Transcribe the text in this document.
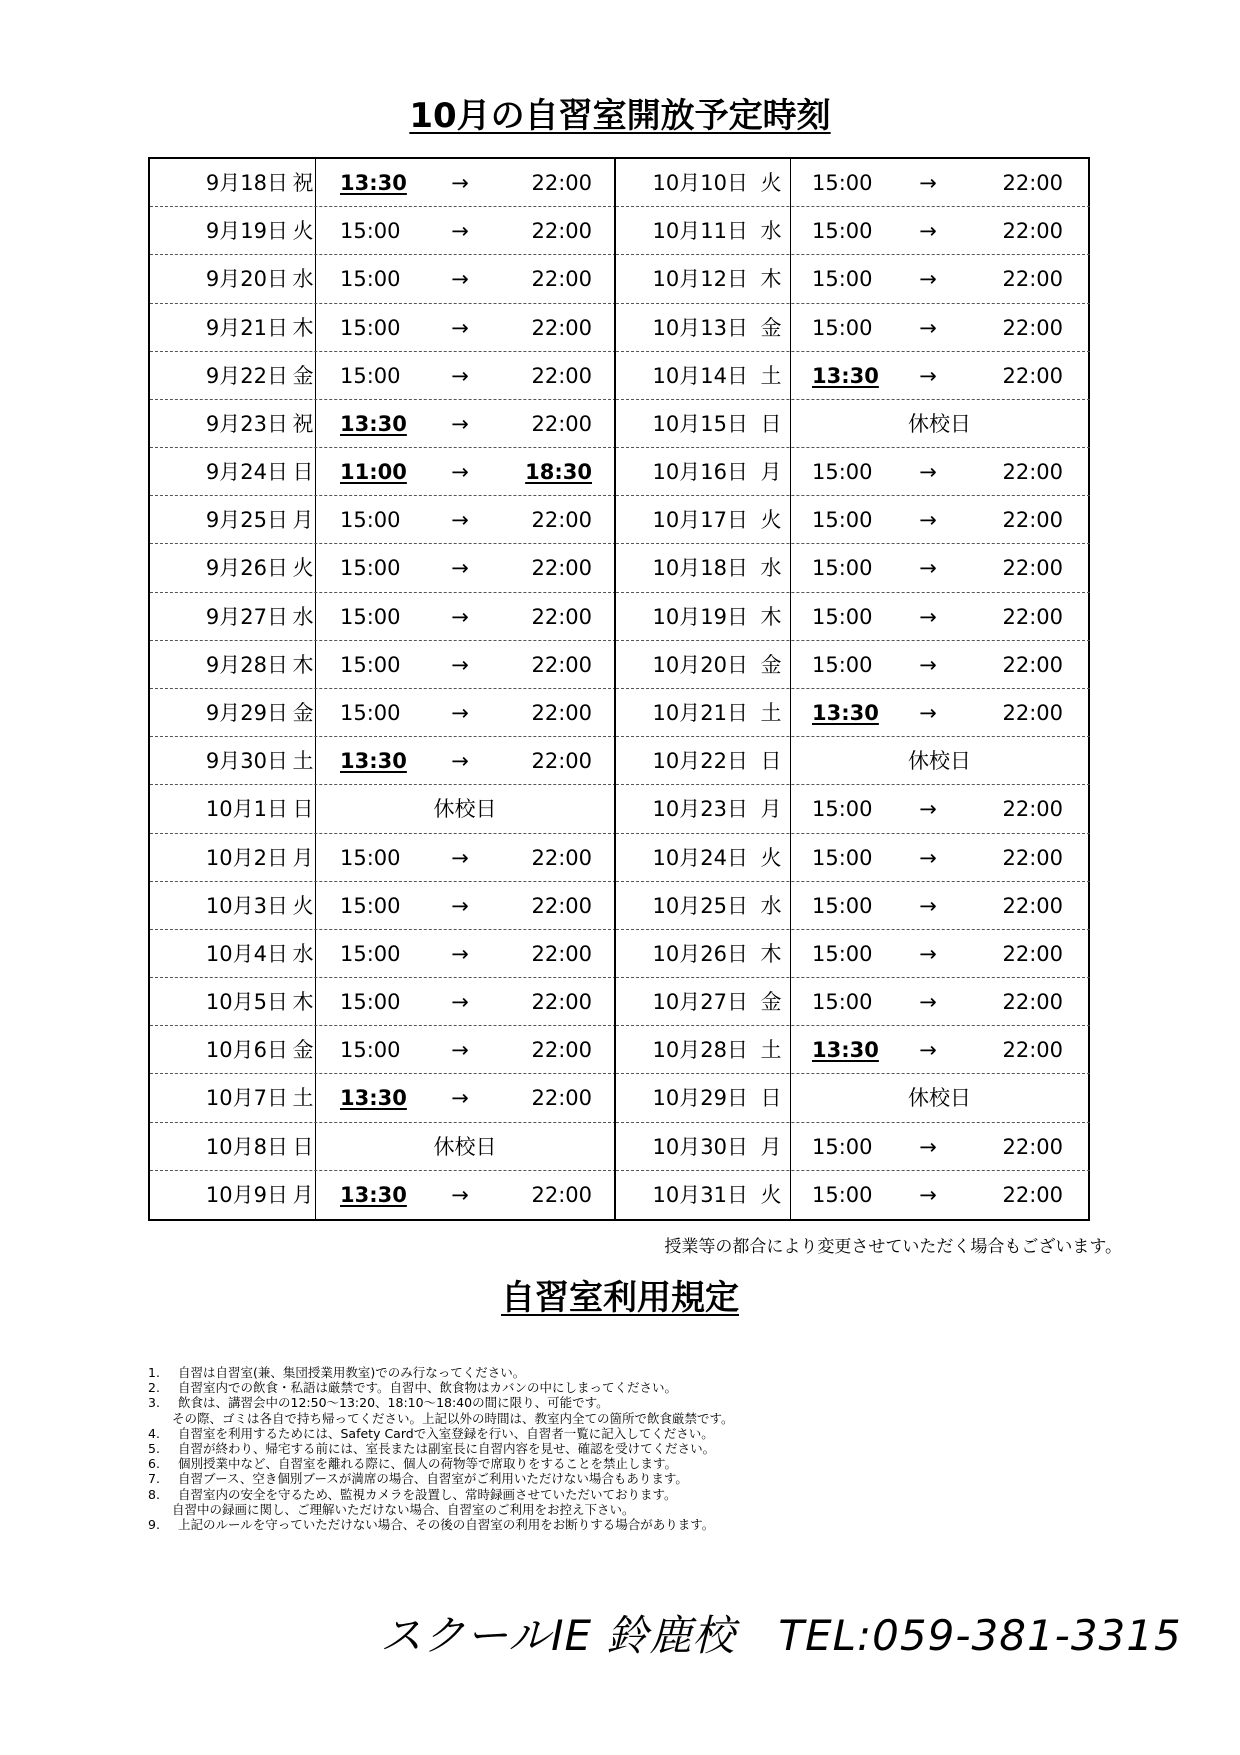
10月の自習室開放予定時刻
9月18日 祝 13:30	→	22:00
9月19日 火 15:00	→	22:00
9月20日 水 15:00	→	22:00
9月21日 木 15:00	→	22:00
9月22日 金 15:00	→	22:00
9月23日 祝 13:30	→	22:00
9月24日 日 11:00	→	18:30
9月25日 月 15:00	→	22:00
9月26日 火 15:00	→	22:00
9月27日 水 15:00	→	22:00
9月28日 木 15:00	→	22:00
9月29日 金 15:00	→	22:00
9月30日 土 13:30	→	22:00
10月1日 日	休校日
10月2日 月 15:00	→	22:00
10月3日 火 15:00	→	22:00
10月4日 水 15:00	→	22:00
10月5日 木 15:00	→	22:00
10月6日 金 15:00	→	22:00
10月7日 土 13:30	→	22:00
10月8日 日	休校日
10月9日 月 13:30	→	22:00
10月10日 火 15:00	→	22:00
10月11日 水 15:00	→	22:00
10月12日 木 15:00	→	22:00
10月13日 金 15:00	→	22:00
10月14日 土 13:30	→	22:00
10月15日 日	休校日
10月16日 月 15:00	→	22:00
10月17日 火 15:00	→	22:00
10月18日 水 15:00	→	22:00
10月19日 木 15:00	→	22:00
10月20日 金 15:00	→	22:00
10月21日 土 13:30	→	22:00
10月22日 日	休校日
10月23日 月 15:00	→	22:00
10月24日 火 15:00	→	22:00
10月25日 水 15:00	→	22:00
10月26日 木 15:00	→	22:00
10月27日 金 15:00	→	22:00
10月28日 土 13:30	→	22:00
10月29日 日	休校日
10月30日 月 15:00	→	22:00
10月31日 火 15:00	→	22:00
授業等の都合により変更させていただく場合もございます。
自習室利用規定
1.	自習は自習室(兼、集団授業用教室)でのみ行なってください。
2.	自習室内での飲食・私語は厳禁です。自習中、飲食物はカバンの中にしまってください。
3.	飲食は、講習会中の12:50～13:20、18:10～18:40の間に限り、可能です。
その際、ゴミは各自で持ち帰ってください。上記以外の時間は、教室内全ての箇所で飲食厳禁です。
4.	自習室を利用するためには、Safety Cardで入室登録を行い、自習者一覧に記入してください。
5.	自習が終わり、帰宅する前には、室長または副室長に自習内容を見せ、確認を受けてください。
6.	個別授業中など、自習室を離れる際に、個人の荷物等で席取りをすることを禁止します。
7.	自習ブース、空き個別ブースが満席の場合、自習室がご利用いただけない場合もあります。
8.	自習室内の安全を守るため、監視カメラを設置し、常時録画させていただいております。
自習中の録画に関し、ご理解いただけない場合、自習室のご利用をお控え下さい。
9.	上記のルールを守っていただけない場合、その後の自習室の利用をお断りする場合があります。
スクールIE 鈴鹿校　TEL:059-381-3315
